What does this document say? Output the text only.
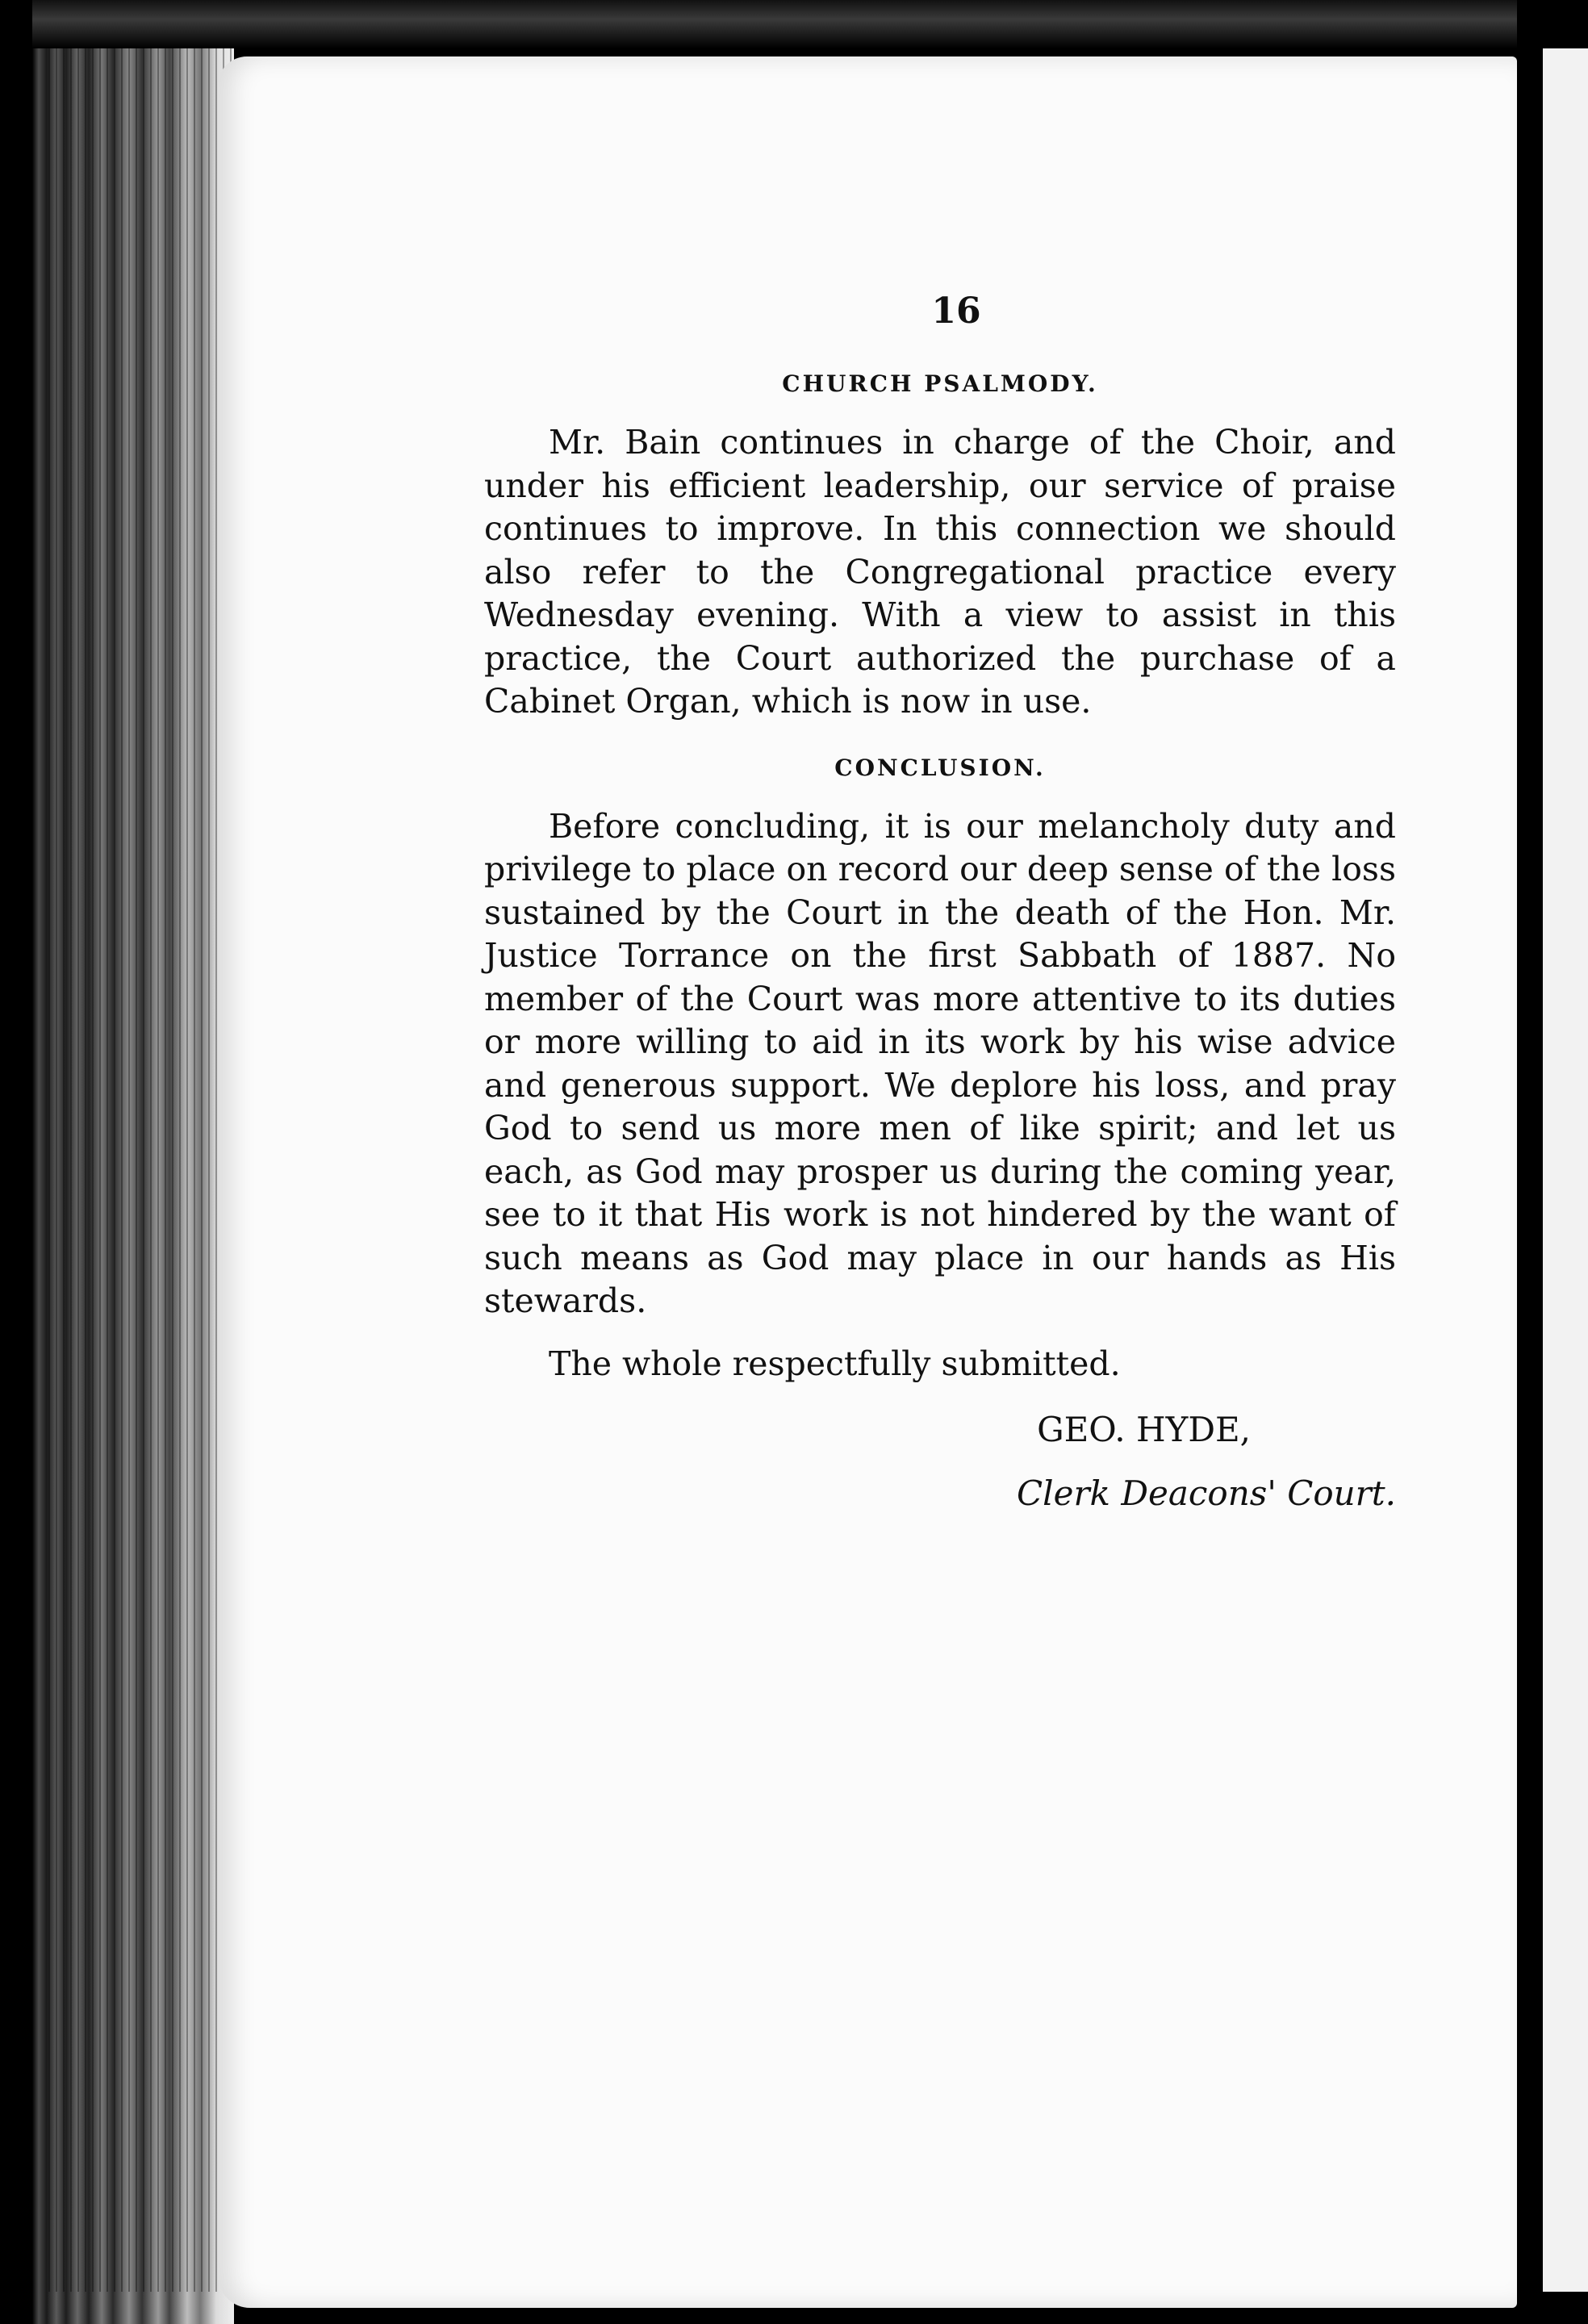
16
CHURCH PSALMODY.

Mr. Bain continues in charge of the Choir, and under his efficient leadership, our service of praise continues to improve. In this connection we should also refer to the Congregational practice every Wednesday evening. With a view to assist in this practice, the Court authorized the purchase of a Cabinet Organ, which is now in use.

CONCLUSION.

Before concluding, it is our melancholy duty and privilege to place on record our deep sense of the loss sustained by the Court in the death of the Hon. Mr. Justice Torrance on the first Sabbath of 1887. No member of the Court was more attentive to its duties or more willing to aid in its work by his wise advice and generous support. We deplore his loss, and pray God to send us more men of like spirit; and let us each, as God may prosper us during the coming year, see to it that His work is not hindered by the want of such means as God may place in our hands as His stewards.

The whole respectfully submitted.

GEO. HYDE,
Clerk Deacons' Court.
